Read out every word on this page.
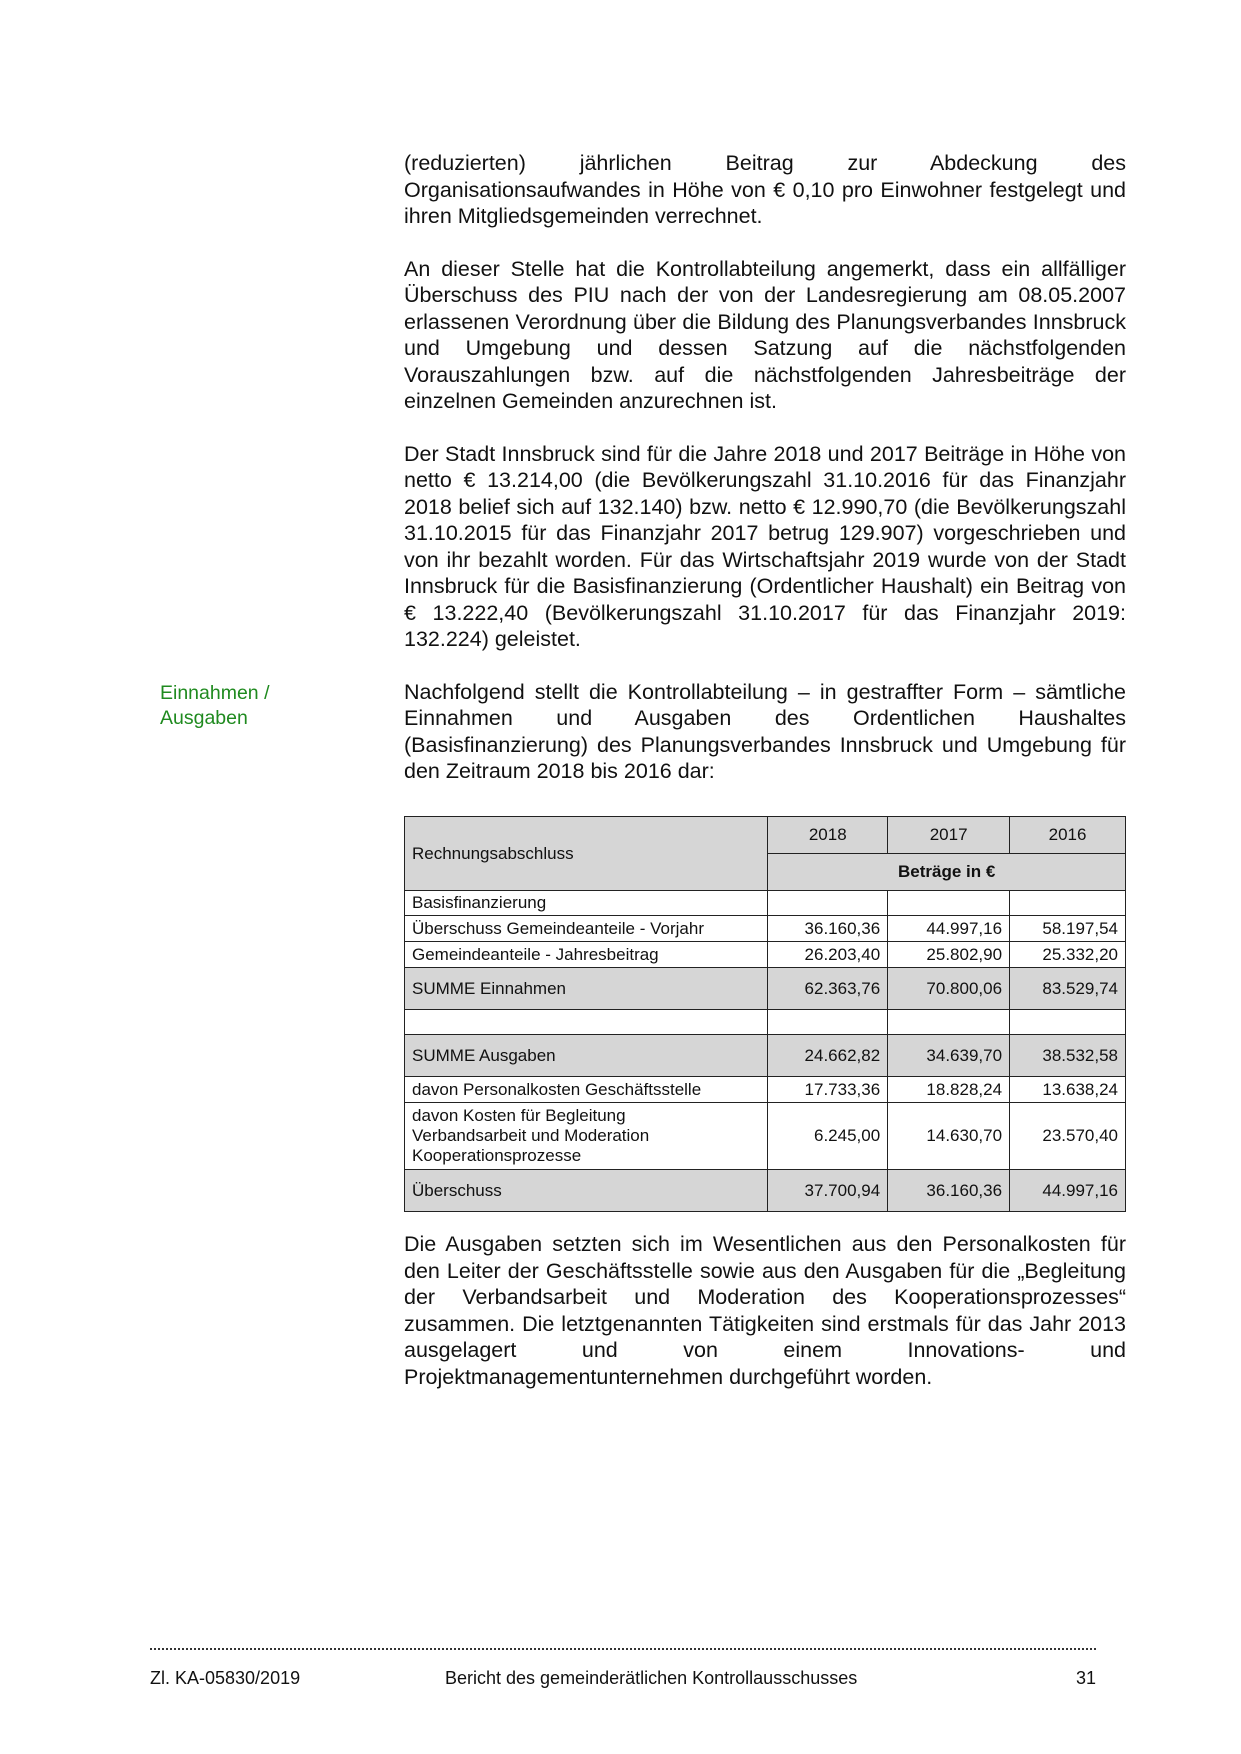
(reduzierten) jährlichen Beitrag zur Abdeckung des Organisationsaufwandes in Höhe von € 0,10 pro Einwohner festgelegt und ihren Mitgliedsgemeinden verrechnet.

An dieser Stelle hat die Kontrollabteilung angemerkt, dass ein allfälliger Überschuss des PIU nach der von der Landesregierung am 08.05.2007 erlassenen Verordnung über die Bildung des Planungsverbandes Innsbruck und Umgebung und dessen Satzung auf die nächstfolgenden Vorauszahlungen bzw. auf die nächstfolgenden Jahresbeiträge der einzelnen Gemeinden anzurechnen ist.

Der Stadt Innsbruck sind für die Jahre 2018 und 2017 Beiträge in Höhe von netto € 13.214,00 (die Bevölkerungszahl 31.10.2016 für das Finanzjahr 2018 belief sich auf 132.140) bzw. netto € 12.990,70 (die Bevölkerungszahl 31.10.2015 für das Finanzjahr 2017 betrug 129.907) vorgeschrieben und von ihr bezahlt worden. Für das Wirtschaftsjahr 2019 wurde von der Stadt Innsbruck für die Basisfinanzierung (Ordentlicher Haushalt) ein Beitrag von € 13.222,40 (Bevölkerungszahl 31.10.2017 für das Finanzjahr 2019: 132.224) geleistet.

Nachfolgend stellt die Kontrollabteilung – in gestraffter Form – sämtliche Einnahmen und Ausgaben des Ordentlichen Haushaltes (Basisfinanzierung) des Planungsverbandes Innsbruck und Umgebung für den Zeitraum 2018 bis 2016 dar:

Einnahmen /
Ausgaben
Rechnungsabschluss	2018	2017	2016
	Beträge in €		
Basisfinanzierung			
Überschuss Gemeindeanteile - Vorjahr	36.160,36	44.997,16	58.197,54
Gemeindeanteile - Jahresbeitrag	26.203,40	25.802,90	25.332,20
SUMME Einnahmen	62.363,76	70.800,06	83.529,74

SUMME Ausgaben	24.662,82	34.639,70	38.532,58
davon Personalkosten Geschäftsstelle	17.733,36	18.828,24	13.638,24

davon Kosten für Begleitung
Verbandsarbeit und Moderation
Kooperationsprozesse	6.245,00	14.630,70	23.570,40
Überschuss	37.700,94	36.160,36	44.997,16

Die Ausgaben setzten sich im Wesentlichen aus den Personalkosten für den Leiter der Geschäftsstelle sowie aus den Ausgaben für die „Begleitung der Verbandsarbeit und Moderation des Kooperationsprozesses“ zusammen. Die letztgenannten Tätigkeiten sind erstmals für das Jahr 2013 ausgelagert und von einem Innovations- und Projektmanagementunternehmen durchgeführt worden.

Zl. KA-05830/2019	Bericht des gemeinderätlichen Kontrollausschusses	31
